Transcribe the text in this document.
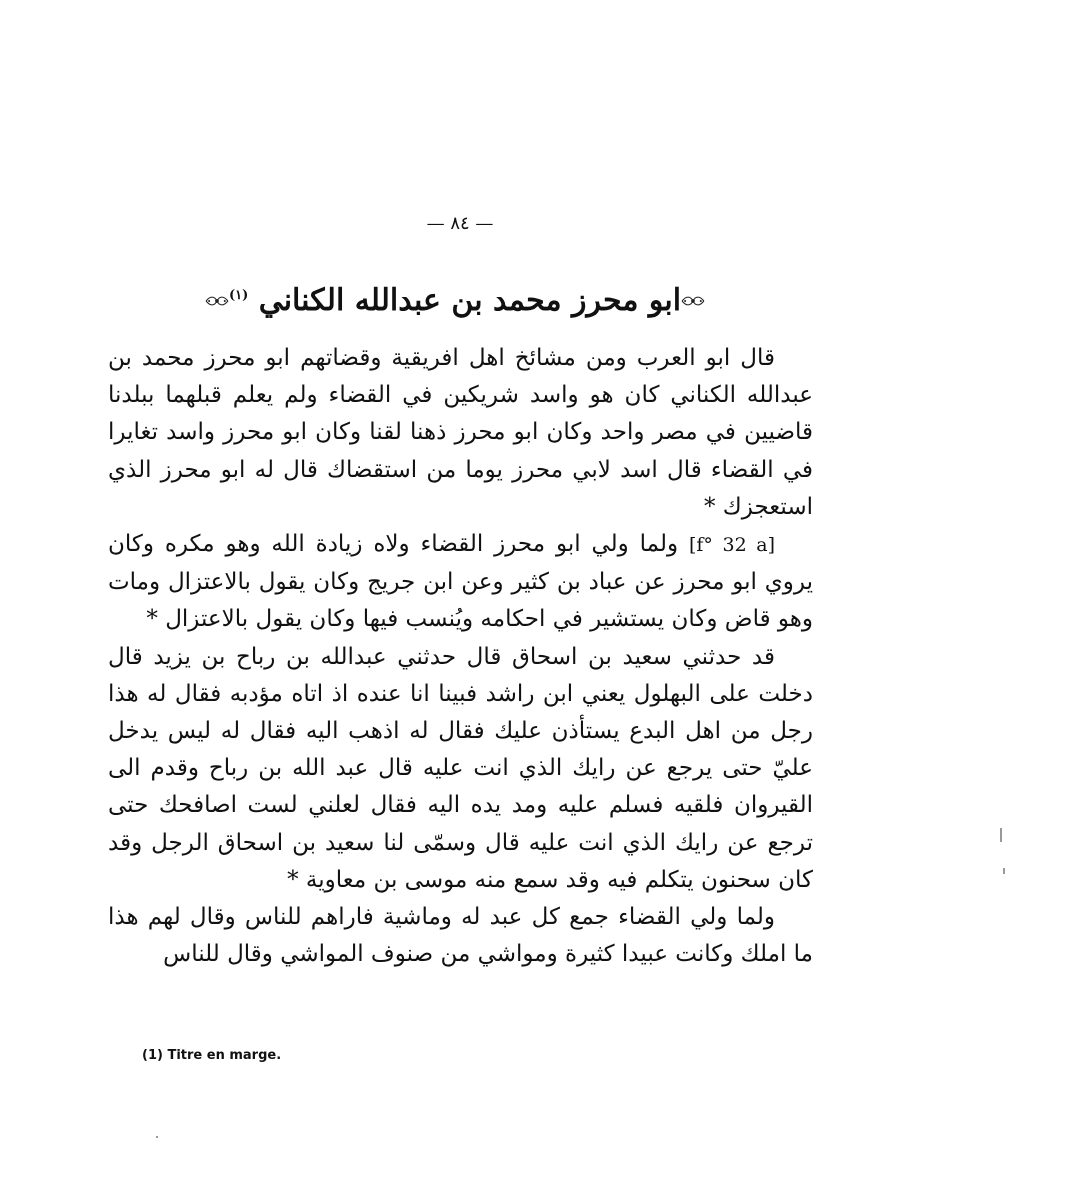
— ٨٤ —
ابو محرز محمد بن عبدالله الكناني $^{(١)}$

قال ابو العرب ومن مشائخ اهل افريقية وقضاتهم ابو محرز محمد بن عبدالله الكناني كان هو واسد شريكين في القضاء ولم يعلم قبلهما ببلدنا قاضيين في مصر واحد وكان ابو محرز ذهنا لقنا وكان ابو محرز واسد تغايرا في القضاء قال اسد لابي محرز يوما من استقضاك قال له ابو محرز الذي استعجزك *

[f° 32 a] ولما ولي ابو محرز القضاء ولاه زيادة الله وهو مكره وكان يروي ابو محرز عن عباد بن كثير وعن ابن جريج وكان يقول بالاعتزال ومات وهو قاض وكان يستشير في احكامه ويُنسب فيها وكان يقول بالاعتزال *

قد حدثني سعيد بن اسحاق قال حدثني عبدالله بن رباح بن يزيد قال دخلت على البهلول يعني ابن راشد فبينا انا عنده اذ اتاه مؤدبه فقال له هذا رجل من اهل البدع يستأذن عليك فقال له اذهب اليه فقال له ليس يدخل عليّ حتى يرجع عن رايك الذي انت عليه قال عبد الله بن رباح وقدم الى القيروان فلقيه فسلم عليه ومد يده اليه فقال لعلني لست اصافحك حتى ترجع عن رايك الذي انت عليه قال وسمّى لنا سعيد بن اسحاق الرجل وقد كان سحنون يتكلم فيه وقد سمع منه موسى بن معاوية *

ولما ولي القضاء جمع كل عبد له وماشية فاراهم للناس وقال لهم هذا ما املك وكانت عبيدا كثيرة ومواشي من صنوف المواشي وقال للناس

(1) Titre en marge.
